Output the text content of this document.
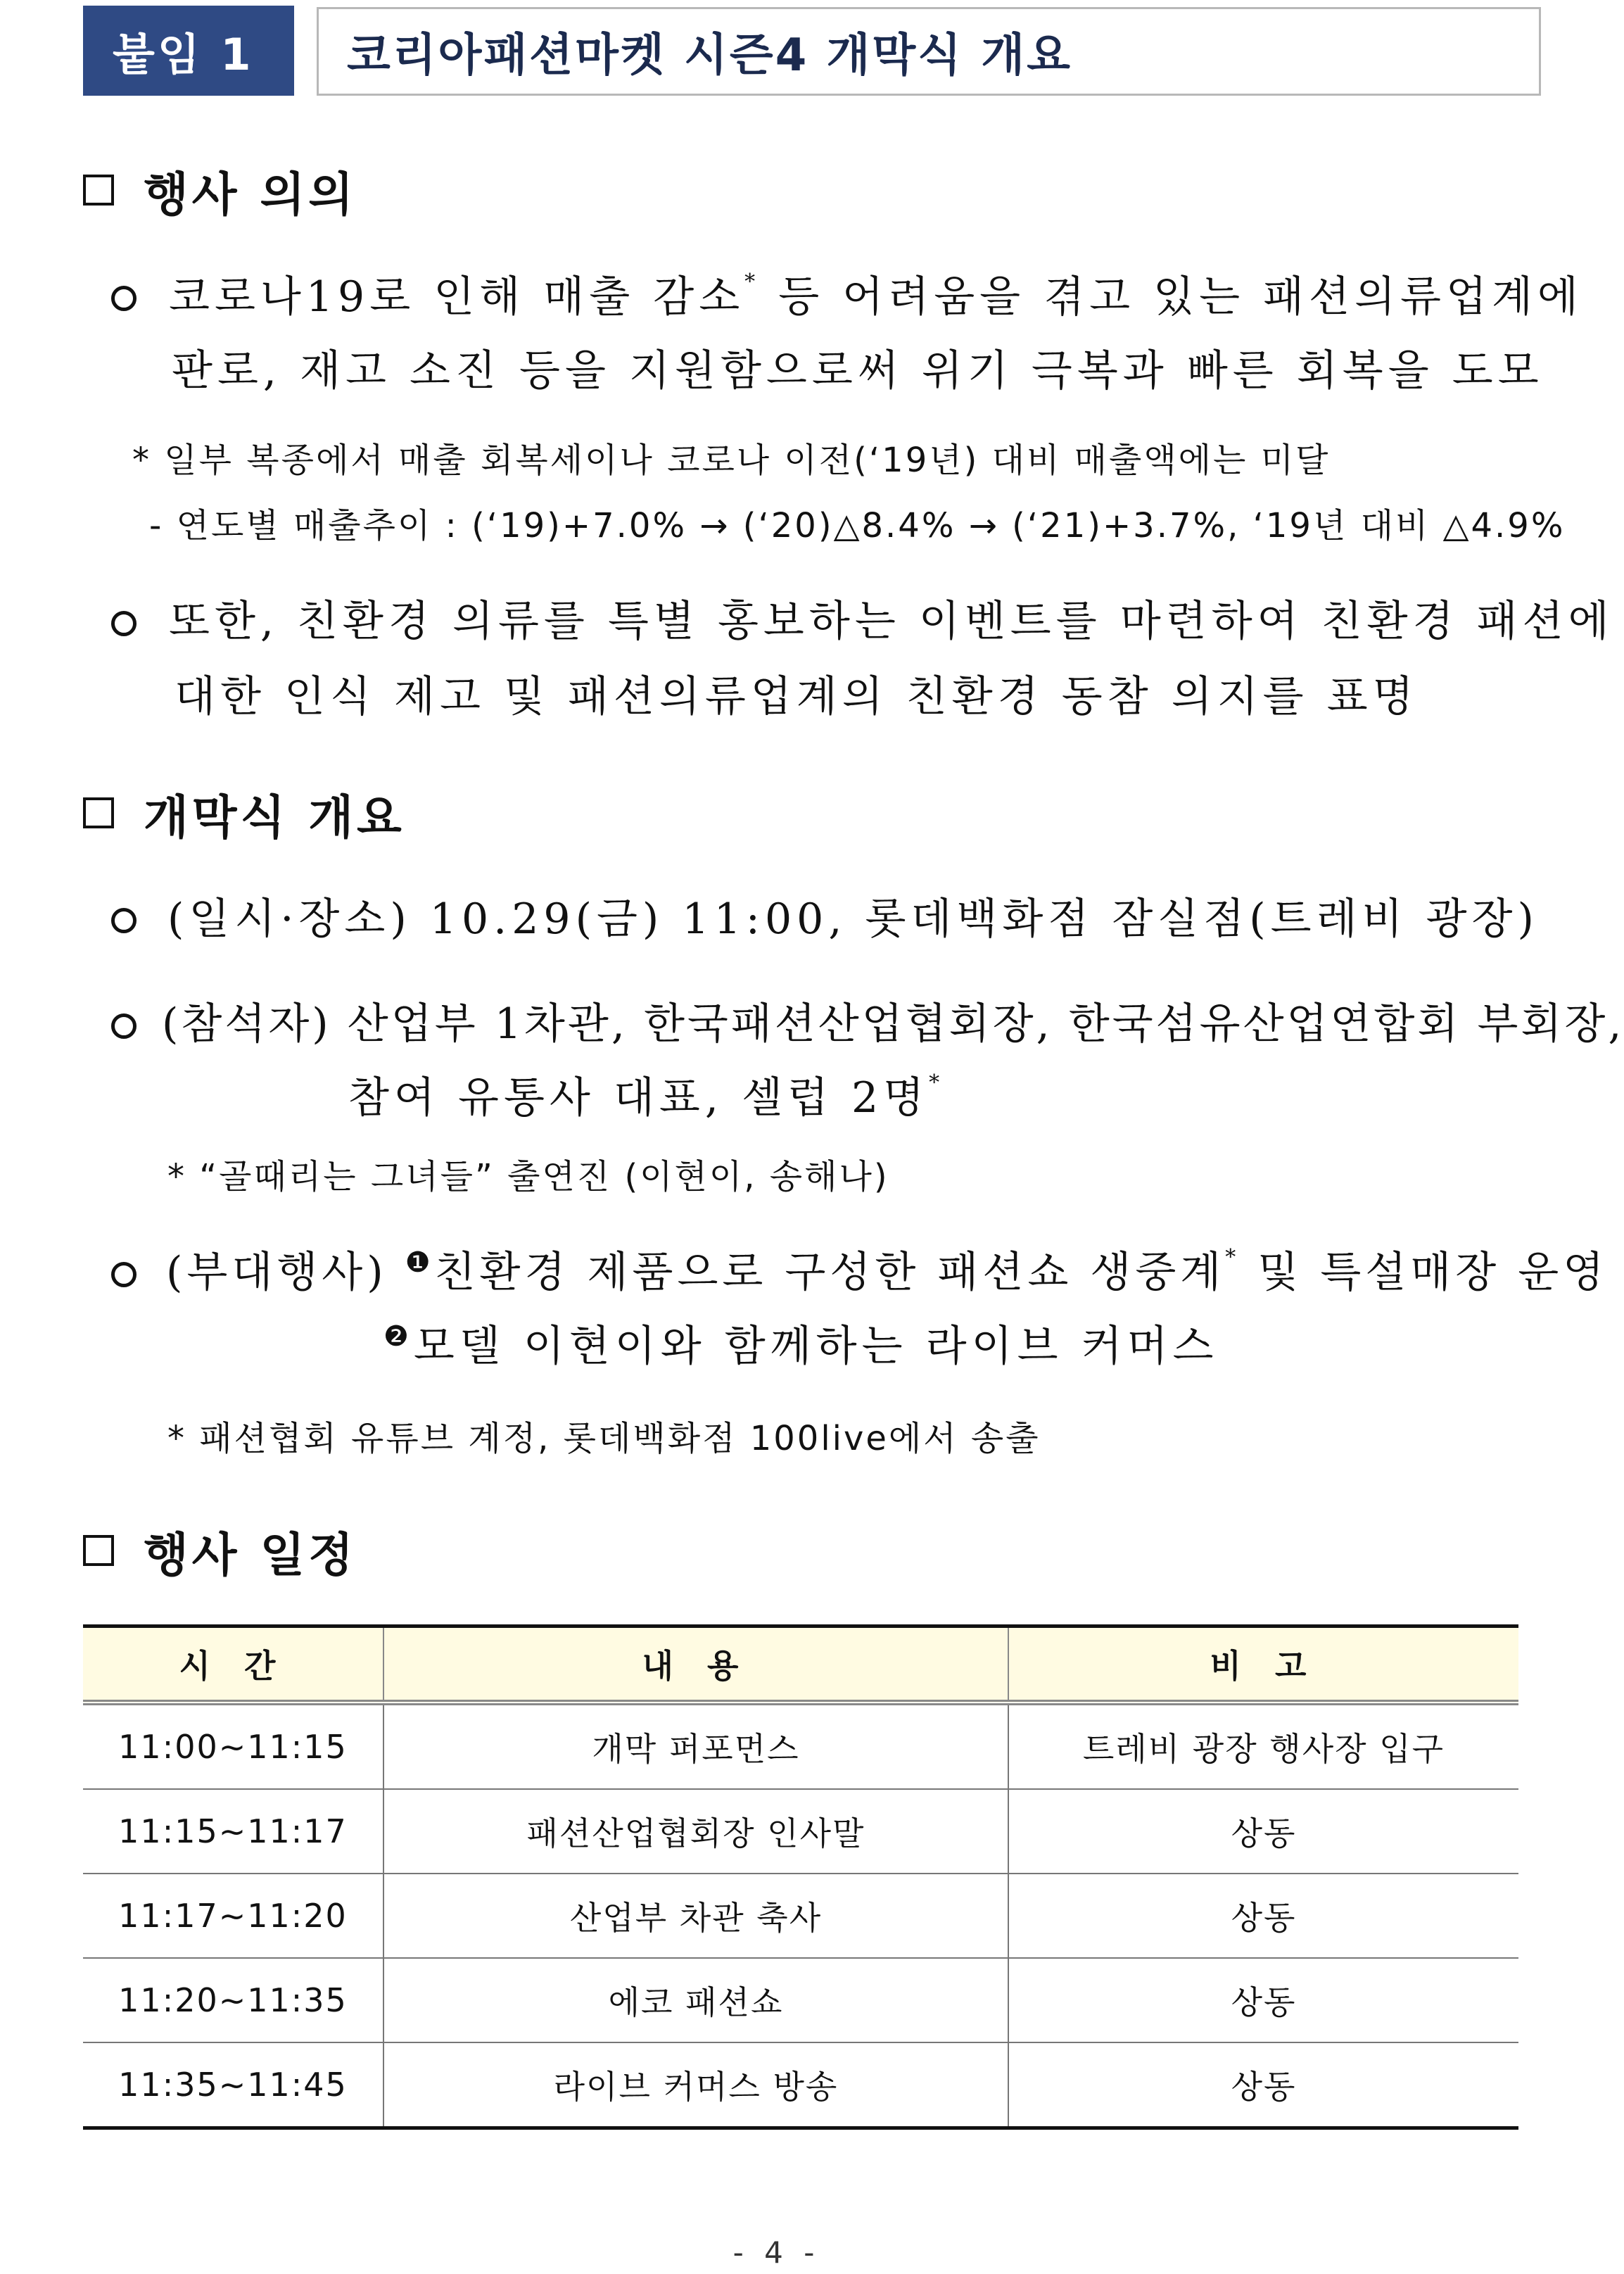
붙임 1 코리아패션마켓 시즌4 개막식 개요
행사 의의
코로나19로 인해 매출 감소* 등 어려움을 겪고 있는 패션의류업계에
판로, 재고 소진 등을 지원함으로써 위기 극복과 빠른 회복을 도모
* 일부 복종에서 매출 회복세이나 코로나 이전(‘19년) 대비 매출액에는 미달
- 연도별 매출추이 : (‘19)+7.0% → (‘20)△8.4% → (‘21)+3.7%, ‘19년 대비 △4.9%
또한, 친환경 의류를 특별 홍보하는 이벤트를 마련하여 친환경 패션에
대한 인식 제고 및 패션의류업계의 친환경 동참 의지를 표명
개막식 개요
(일시·장소) 10.29(금) 11:00, 롯데백화점 잠실점(트레비 광장)
(참석자) 산업부 1차관, 한국패션산업협회장, 한국섬유산업연합회 부회장,
참여 유통사 대표, 셀럽 2명*
* “골때리는 그녀들” 출연진 (이현이, 송해나)
(부대행사) $^❶$친환경 제품으로 구성한 패션쇼 생중계* 및 특설매장 운영
$^❷$모델 이현이와 함께하는 라이브 커머스
* 패션협회 유튜브 계정, 롯데백화점 100live에서 송출
행사 일정
시 간	내 용	비 고
11:00~11:15	개막 퍼포먼스	트레비 광장 행사장 입구
11:15~11:17	패션산업협회장 인사말	상동
11:17~11:20	산업부 차관 축사	상동
11:20~11:35	에코 패션쇼	상동
11:35~11:45	라이브 커머스 방송	상동
- 4 -
